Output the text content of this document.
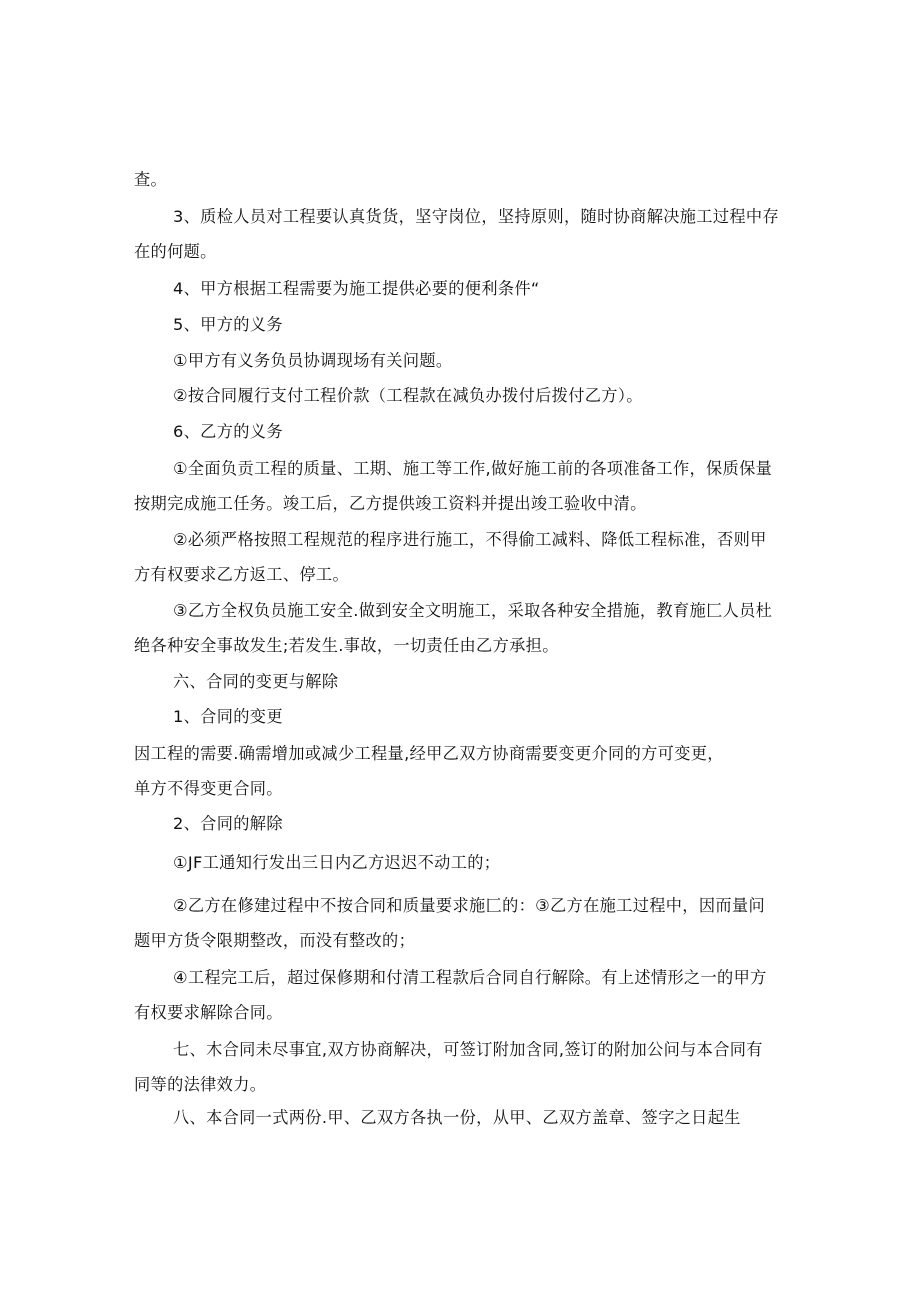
查。

3、质检人员对工程要认真货货，坚守岗位，坚持原则，随时协商解决施工过程中存
在的何题。

4、甲方根据工程需要为施工提供必要的便利条件“

5、甲方的义务

①甲方有义务负员协调现场有关问题。

②按合同履行支付工程价款（工程款在减负办拨付后拨付乙方）。

6、乙方的义务

①全面负贡工程的质量、工期、施工等工作,做好施工前的各项准备工作，保质保量
按期完成施工任务。竣工后，乙方提供竣工资料并提出竣工验收中清。

②必须严格按照工程规范的程序进行施工，不得偷工减料、降低工程标准，否则甲
方有权要求乙方返工、停工。

③乙方全权负员施工安全.做到安全文明施工，采取各种安全措施，教育施匚人员杜
绝各种安全事故发生;若发生.事故，一切责任由乙方承担。

六、合同的变更与解除

1、合同的变更

因工程的需要.确需增加或减少工程量,经甲乙双方协商需要变更介同的方可变更，
单方不得变更合同。

2、合同的解除

①JF工通知行发出三日内乙方迟迟不动工的；

②乙方在修建过程中不按合同和质量要求施匚的：③乙方在施工过程中，因而量问
题甲方货令限期整改，而没有整改的；

④工程完工后，超过保修期和付清工程款后合同自行解除。有上述情形之一的甲方
有权要求解除合同。

七、木合同未尽事宜,双方协商解决，可签订附加含同,签订的附加公问与本合同有
同等的法律效力。

八、本合同一式两份.甲、乙双方各执一份，从甲、乙双方盖章、签字之日起生
